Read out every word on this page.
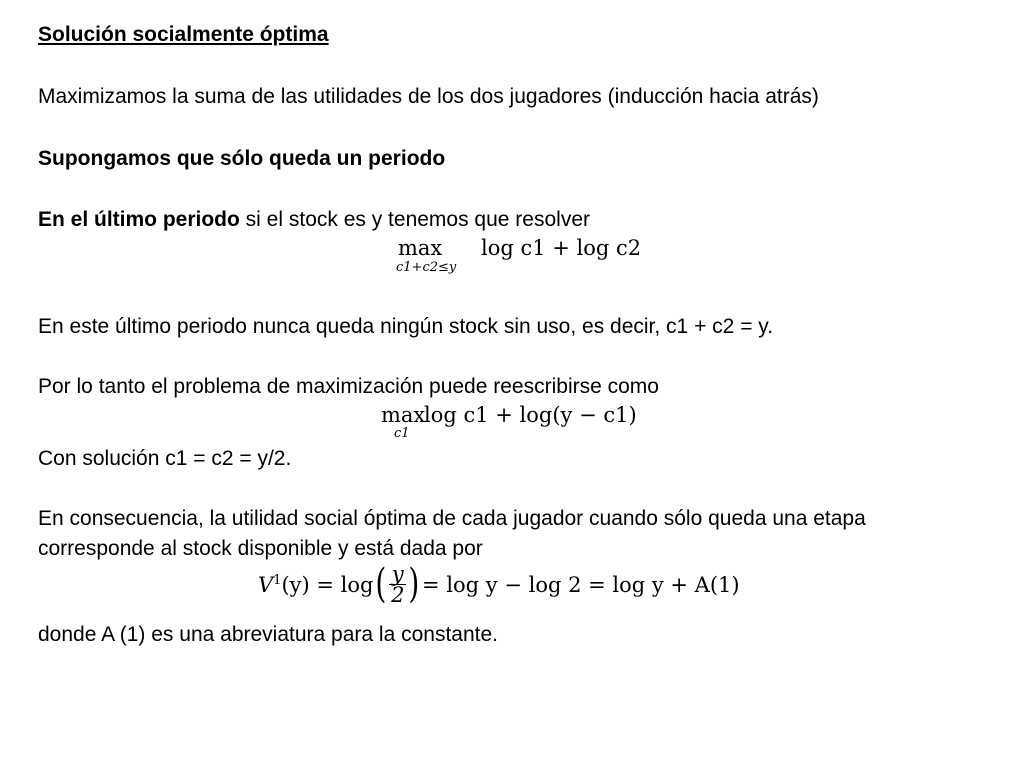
Solución socialmente óptima
Maximizamos la suma de las utilidades de los dos jugadores (inducción hacia atrás)
Supongamos que sólo queda un periodo
En el último periodo si el stock es y tenemos que resolver
max
c1+c2≤y
log c1 + log c2
En este último periodo nunca queda ningún stock sin uso, es decir, c1 + c2 = y.
Por lo tanto el problema de maximización puede reescribirse como
max
c1
log c1 + log(y − c1)
Con solución c1 = c2 = y/2.
En consecuencia, la utilidad social óptima de cada jugador cuando sólo queda una etapa
corresponde al stock disponible y está dada por
$V^1(y) = \log( \frac{y}{2}$ ) = log y − log 2 = log y + A(1)
donde A (1) es una abreviatura para la constante.
